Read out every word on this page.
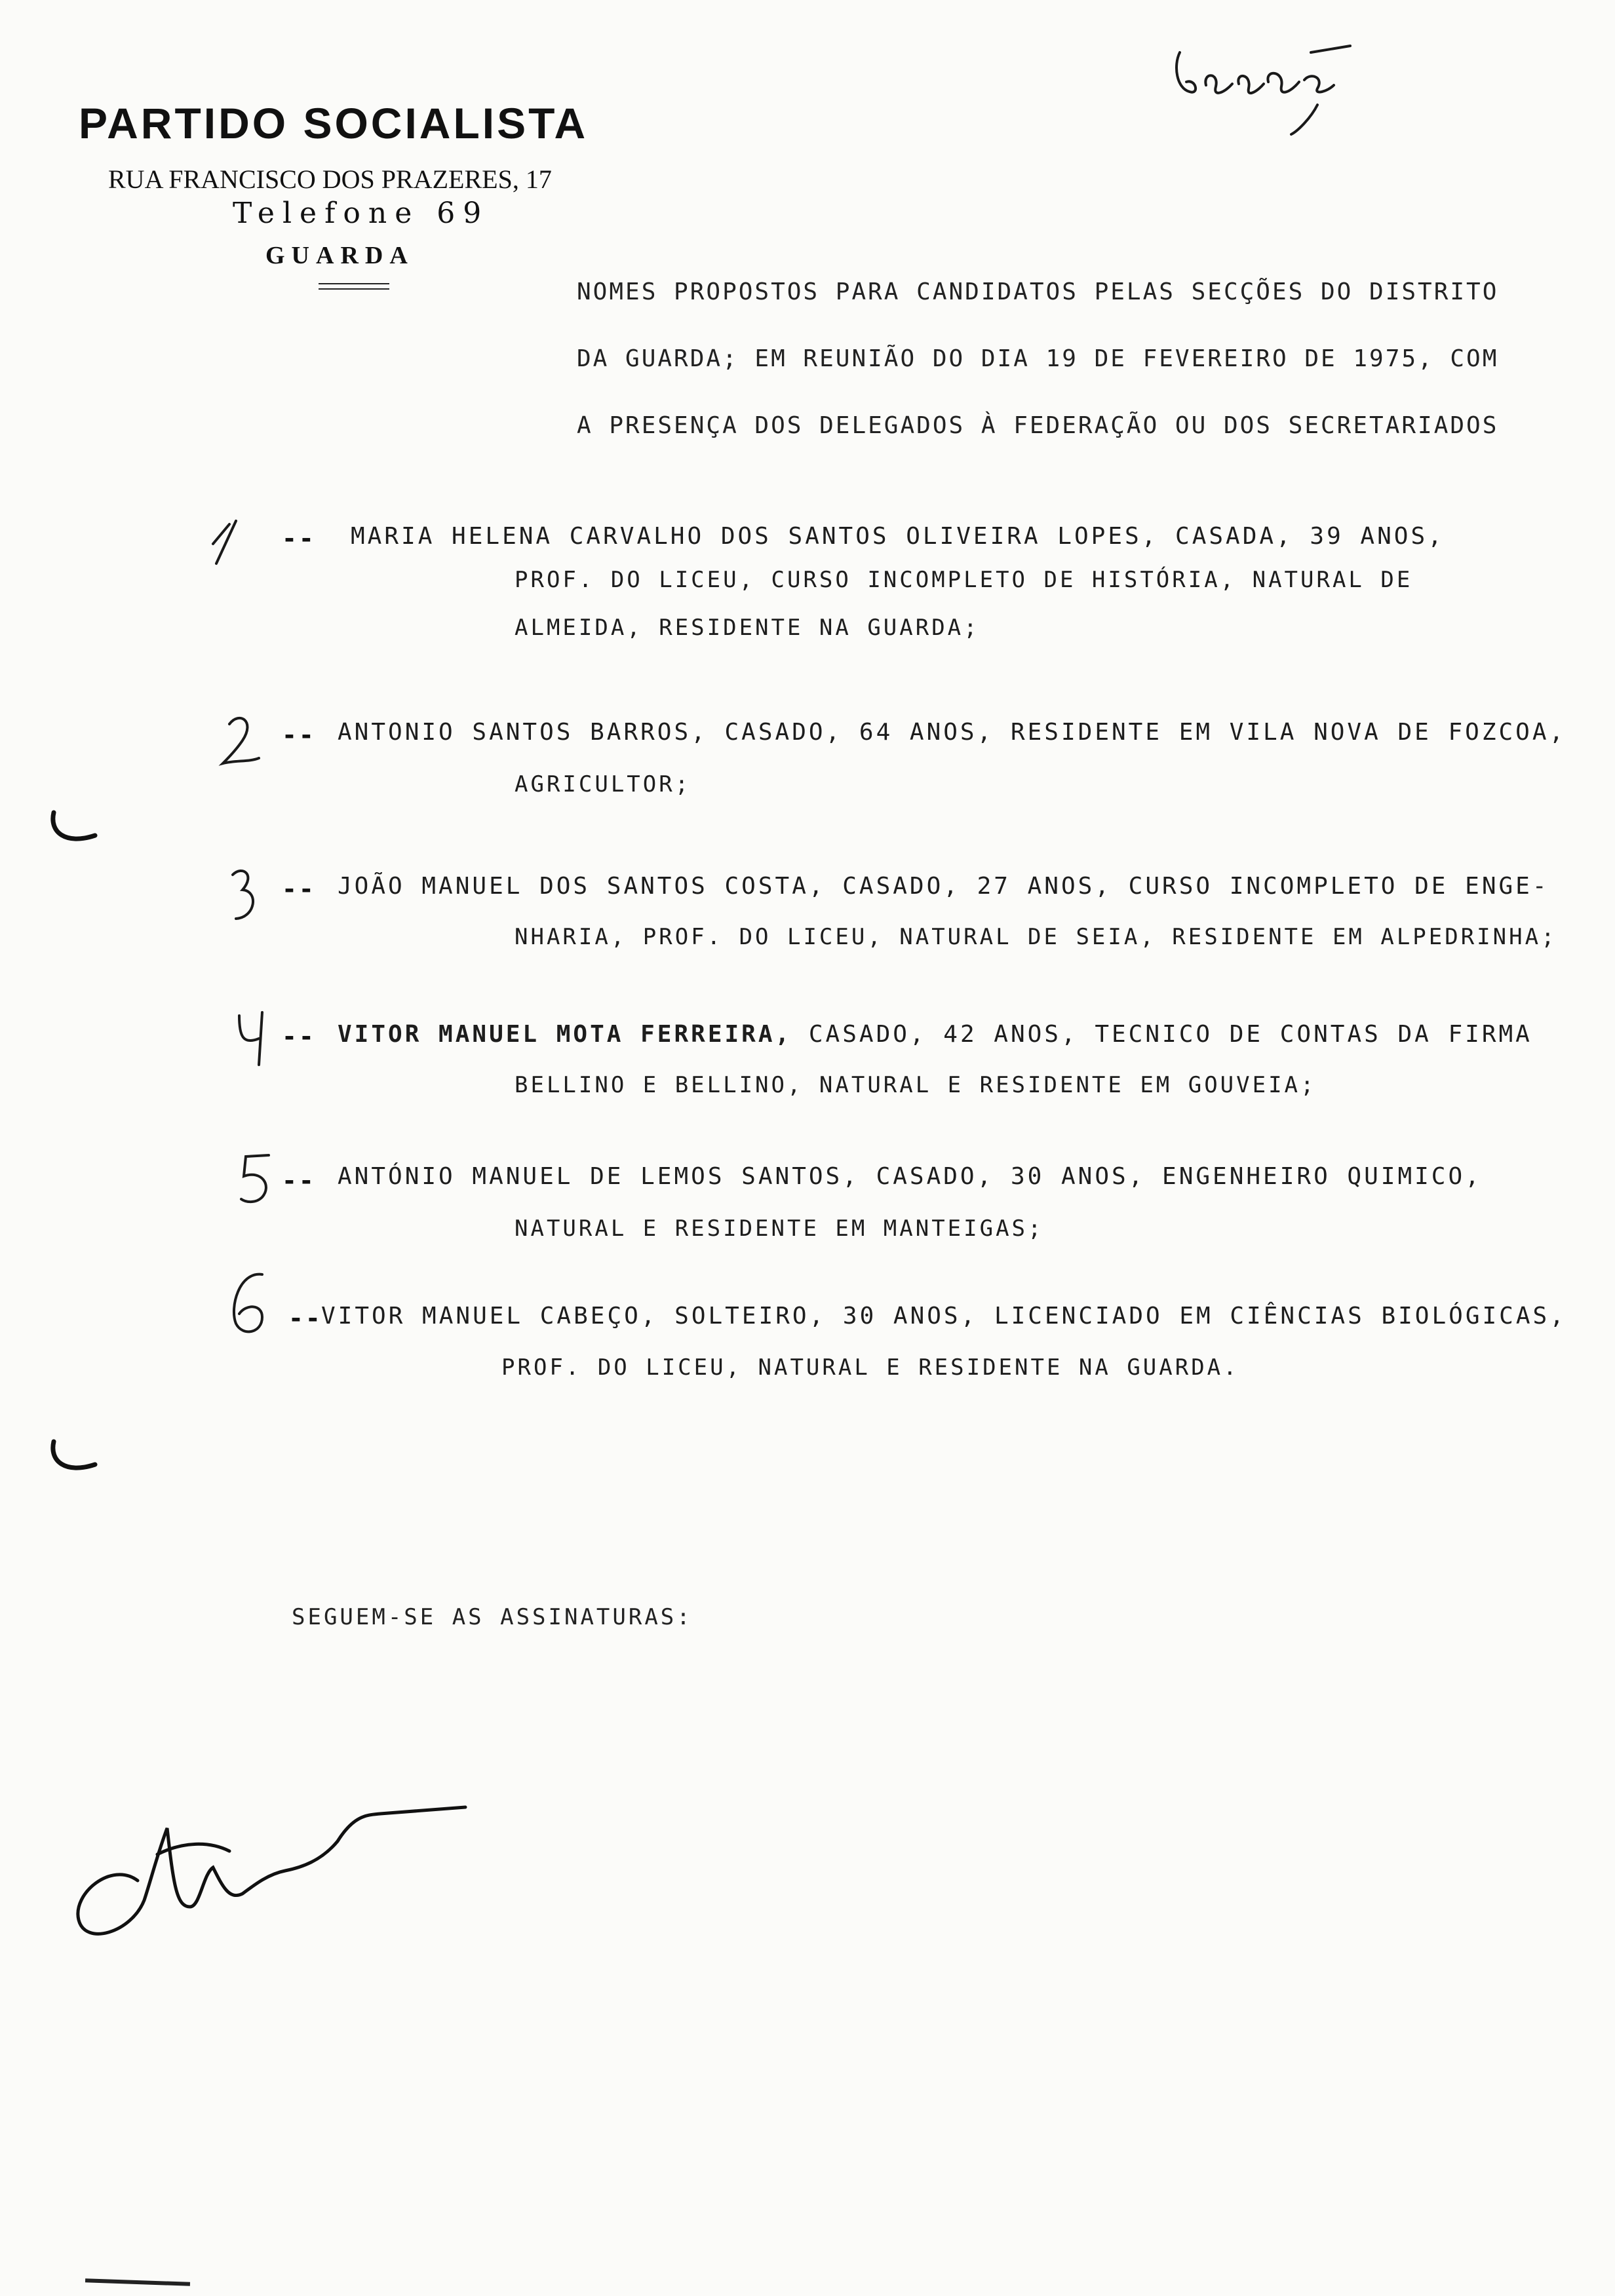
PARTIDO SOCIALISTA
RUA FRANCISCO DOS PRAZERES, 17
Telefone 69
GUARDA
NOMES PROPOSTOS PARA CANDIDATOS PELAS SECÇÕES DO DISTRITO
DA GUARDA; EM REUNIÃO DO DIA 19 DE FEVEREIRO DE 1975, COM
A PRESENÇA DOS DELEGADOS À FEDERAÇÃO OU DOS SECRETARIADOS
-- MARIA HELENA CARVALHO DOS SANTOS OLIVEIRA LOPES, CASADA, 39 ANOS,
PROF. DO LICEU, CURSO INCOMPLETO DE HISTÓRIA, NATURAL DE
ALMEIDA, RESIDENTE NA GUARDA;
-- ANTONIO SANTOS BARROS, CASADO, 64 ANOS, RESIDENTE EM VILA NOVA DE FOZCOA,
AGRICULTOR;
-- JOÃO MANUEL DOS SANTOS COSTA, CASADO, 27 ANOS, CURSO INCOMPLETO DE ENGE-
NHARIA, PROF. DO LICEU, NATURAL DE SEIA, RESIDENTE EM ALPEDRINHA;
-- VITOR MANUEL MOTA FERREIRA, CASADO, 42 ANOS, TECNICO DE CONTAS DA FIRMA
BELLINO E BELLINO, NATURAL E RESIDENTE EM GOUVEIA;
-- ANTÓNIO MANUEL DE LEMOS SANTOS, CASADO, 30 ANOS, ENGENHEIRO QUIMICO,
NATURAL E RESIDENTE EM MANTEIGAS;
--
VITOR MANUEL CABEÇO, SOLTEIRO, 30 ANOS, LICENCIADO EM CIÊNCIAS BIOLÓGICAS,
PROF. DO LICEU, NATURAL E RESIDENTE NA GUARDA.
SEGUEM-SE AS ASSINATURAS:
